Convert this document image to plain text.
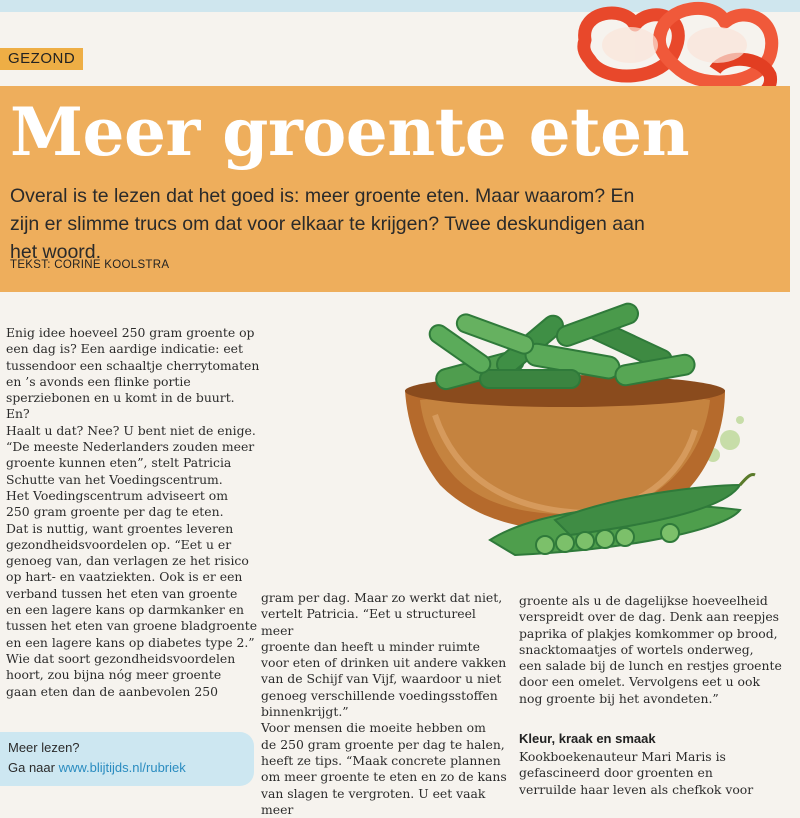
GEZOND
Meer groente eten

Overal is te lezen dat het goed is: meer groente eten. Maar waarom? En zijn er slimme trucs om dat voor elkaar te krijgen? Twee deskundigen aan het woord.

TEKST: CORINE KOOLSTRA

Enig idee hoeveel 250 gram groente op
een dag is? Een aardige indicatie: eet
tussendoor een schaaltje cherrytomaten
en ’s avonds een flinke portie
sperziebonen en u komt in de buurt. En?
Haalt u dat? Nee? U bent niet de enige.
“De meeste Nederlanders zouden meer
groente kunnen eten”, stelt Patricia
Schutte van het Voedingscentrum.
Het Voedingscentrum adviseert om
250 gram groente per dag te eten.
Dat is nuttig, want groentes leveren
gezondheidsvoordelen op. “Eet u er
genoeg van, dan verlagen ze het risico
op hart- en vaatziekten. Ook is er een
verband tussen het eten van groente
en een lagere kans op darmkanker en
tussen het eten van groene bladgroente
en een lagere kans op diabetes type 2.”
Wie dat soort gezondheidsvoordelen
hoort, zou bijna nóg meer groente
gaan eten dan de aanbevolen 250

gram per dag. Maar zo werkt dat niet,
vertelt Patricia. “Eet u structureel meer
groente dan heeft u minder ruimte
voor eten of drinken uit andere vakken
van de Schijf van Vijf, waardoor u niet
genoeg verschillende voedingsstoffen
binnenkrijgt.”
Voor mensen die moeite hebben om
de 250 gram groente per dag te halen,
heeft ze tips. “Maak concrete plannen
om meer groente te eten en zo de kans
van slagen te vergroten. U eet vaak meer

groente als u de dagelijkse hoeveelheid
verspreidt over de dag. Denk aan reepjes
paprika of plakjes komkommer op brood,
snacktomaatjes of wortels onderweg,
een salade bij de lunch en restjes groente
door een omelet. Vervolgens eet u ook
nog groente bij het avondeten.”

Kleur, kraak en smaak

Kookboekenauteur Mari Maris is
gefascineerd door groenten en
verruilde haar leven als chefkok voor

Meer lezen?

Ga naar www.blijtijds.nl/rubriek
